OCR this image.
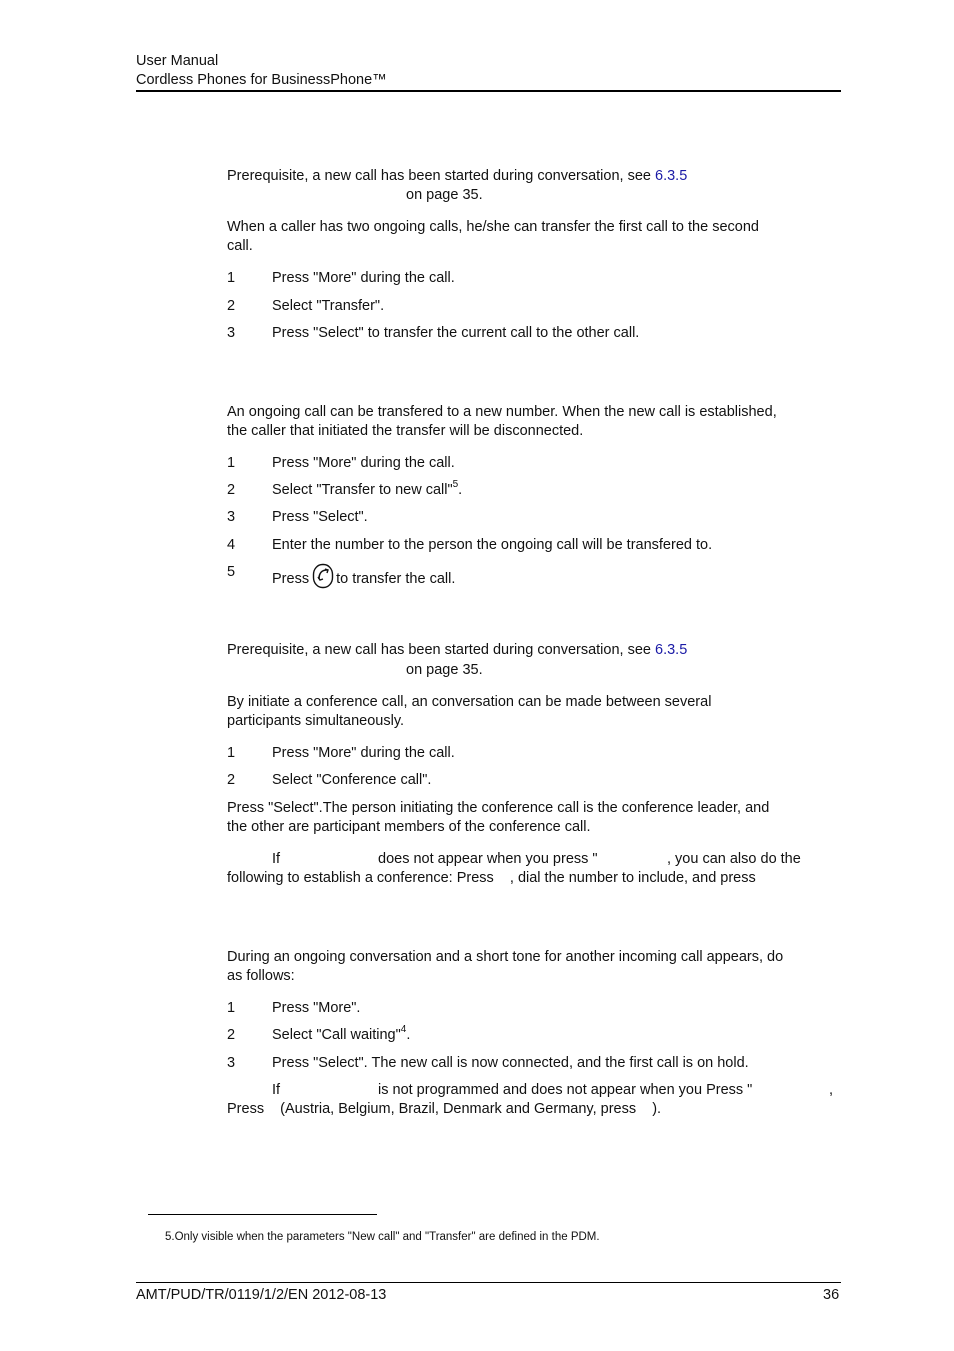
User Manual
Cordless Phones for BusinessPhone™
Prerequisite, a new call has been started during conversation, see 6.3.5
on page 35.
When a caller has two ongoing calls, he/she can transfer the first call to the second
call.
1	Press "More" during the call.
2	Select "Transfer".
3	Press "Select" to transfer the current call to the other call.
An ongoing call can be transfered to a new number. When the new call is established,
the caller that initiated the transfer will be disconnected.
1	Press "More" during the call.
2	Select "Transfer to new call"$^5$.
3	Press "Select".
4	Enter the number to the person the ongoing call will be transfered to.
5	Press to transfer the call.
Prerequisite, a new call has been started during conversation, see 6.3.5
on page 35.
By initiate a conference call, an conversation can be made between several
participants simultaneously.
1	Press "More" during the call.
2	Select "Conference call".
Press "Select".The person initiating the conference call is the conference leader, and
the other are participant members of the conference call.
If	does not appear when you press "	, you can also do the
following to establish a conference: Press    , dial the number to include, and press
During an ongoing conversation and a short tone for another incoming call appears, do
as follows:
1	Press "More".
2	Select "Call waiting"$^4$.
3	Press "Select". The new call is now connected, and the first call is on hold.
If	is not programmed and does not appear when you Press "	,
Press    (Austria, Belgium, Brazil, Denmark and Germany, press    ).
5.Only visible when the parameters "New call" and "Transfer" are defined in the PDM.
AMT/PUD/TR/0119/1/2/EN 2012-08-13	36
